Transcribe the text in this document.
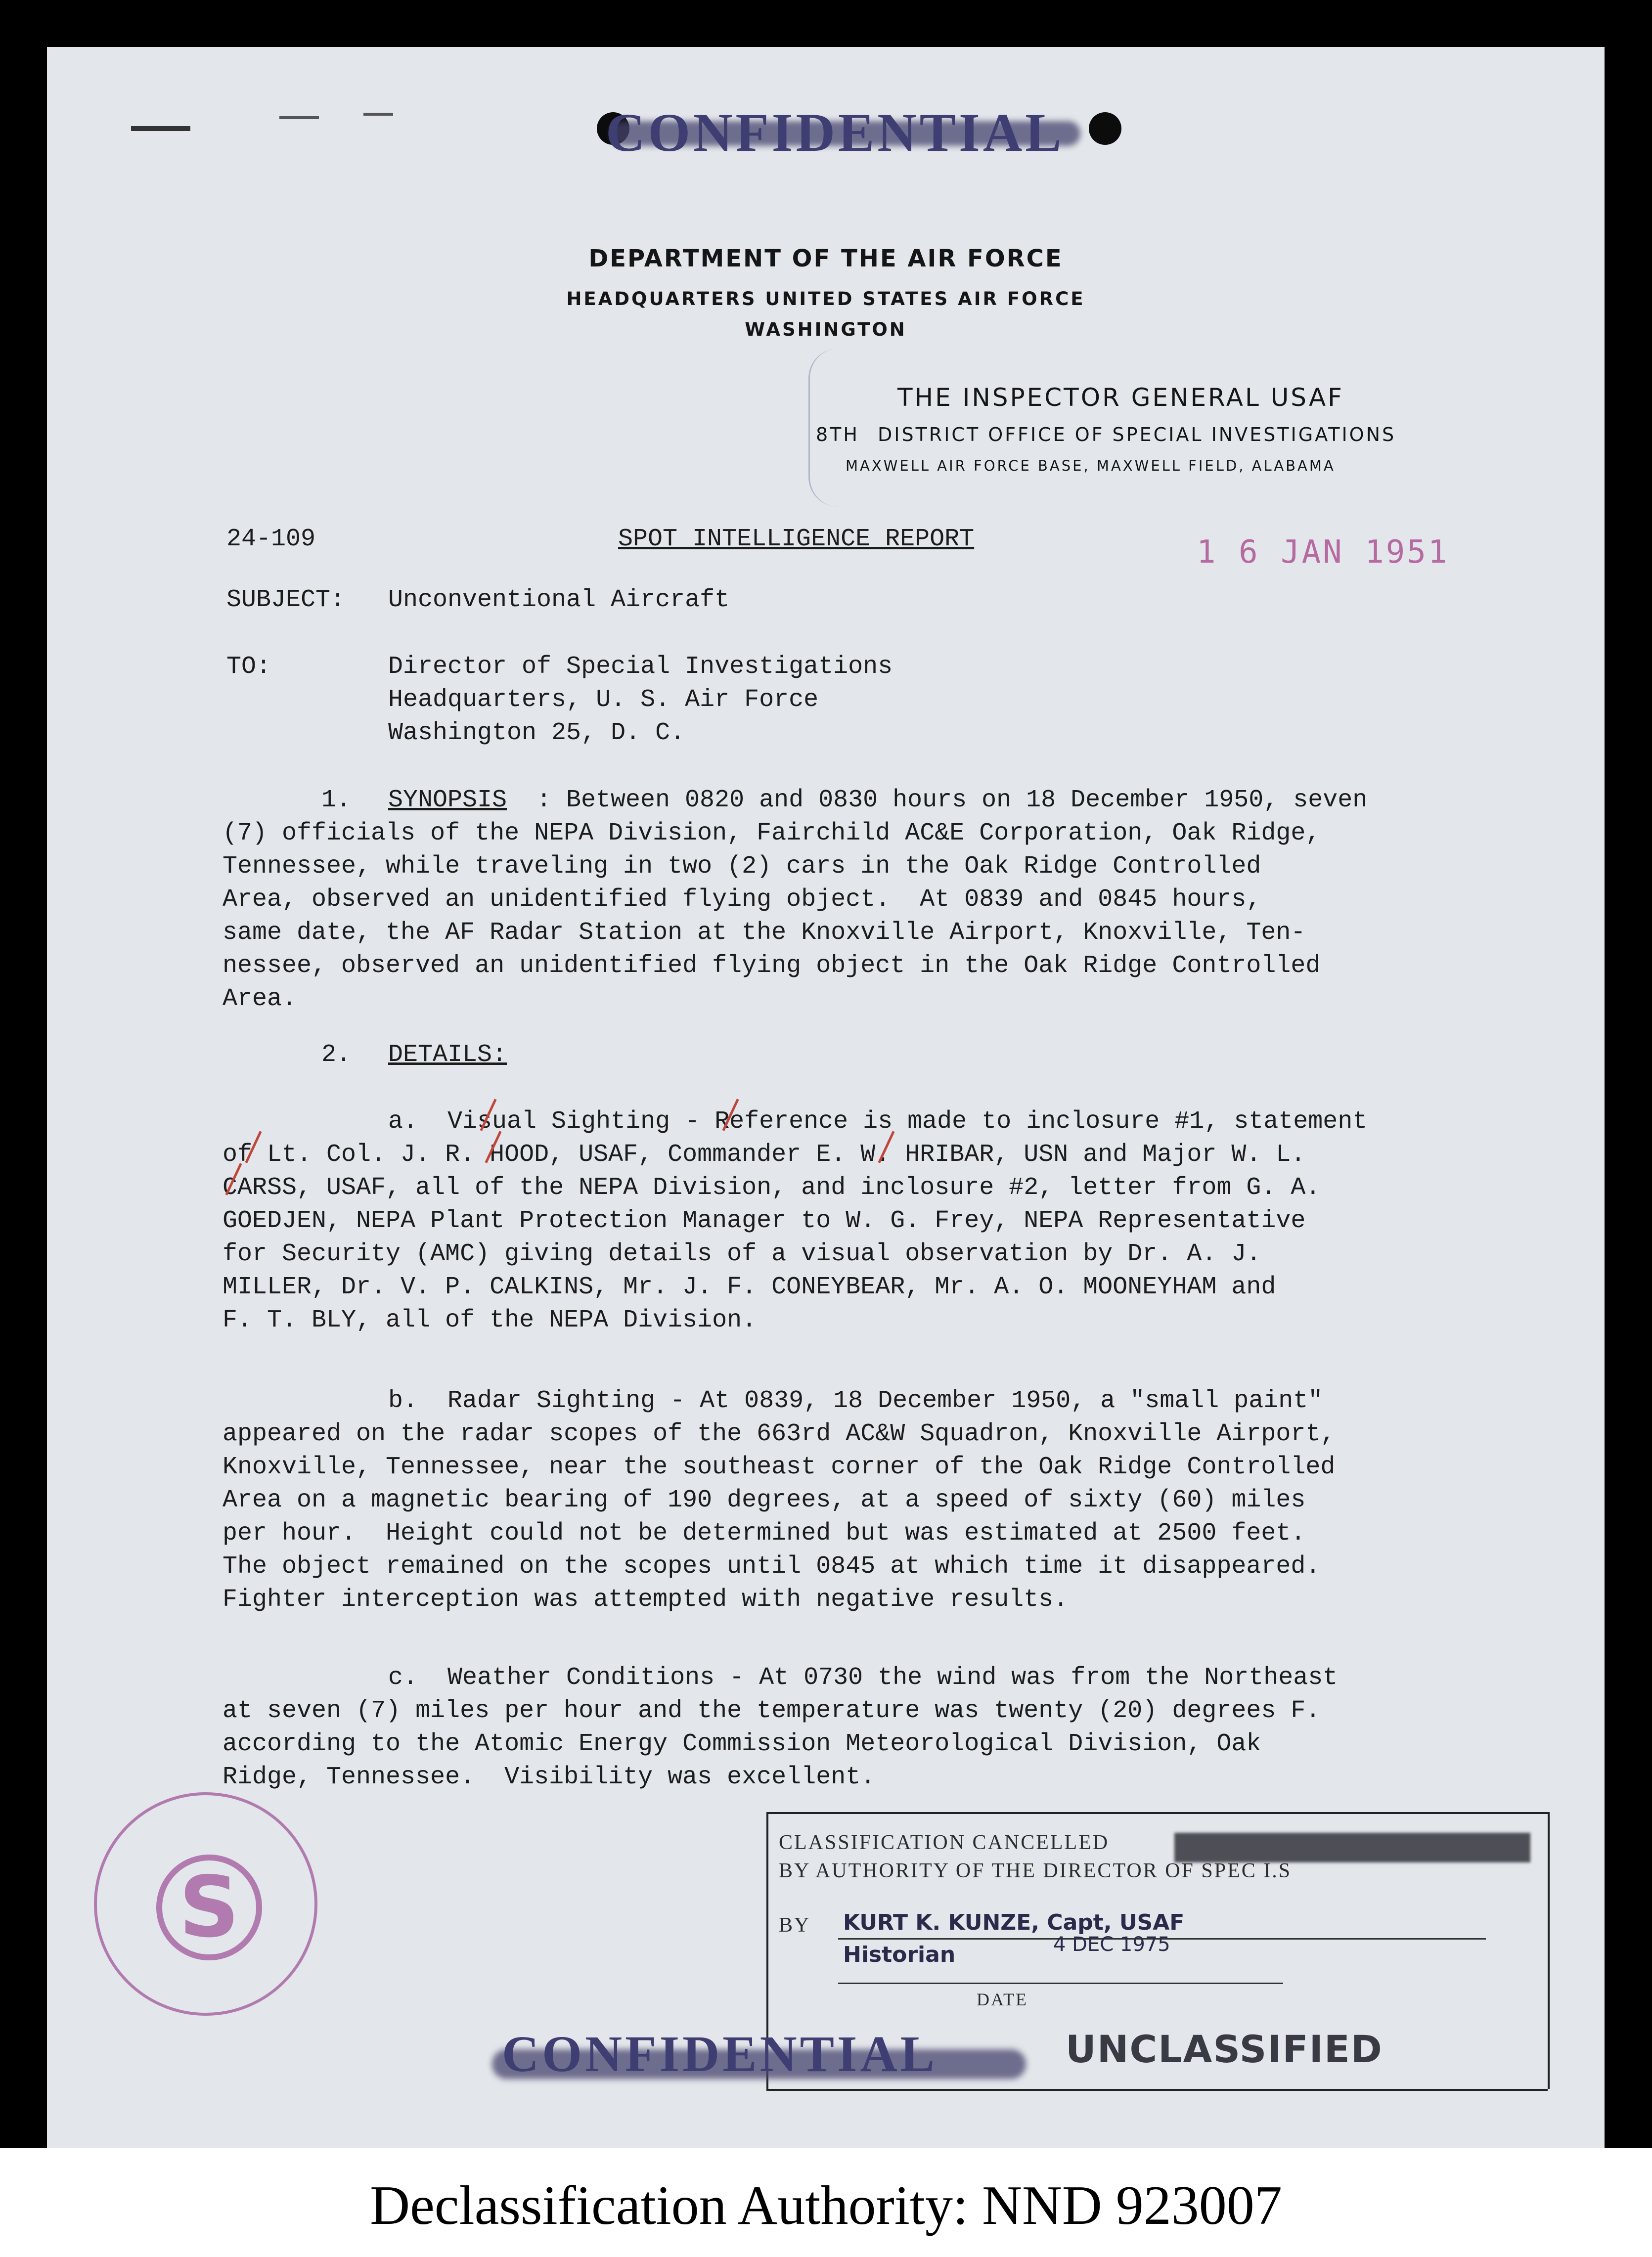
CONFIDENTIAL
DEPARTMENT OF THE AIR FORCE
HEADQUARTERS UNITED STATES AIR FORCE
WASHINGTON
THE INSPECTOR GENERAL USAF
8TH DISTRICT OFFICE OF SPECIAL INVESTIGATIONS
MAXWELL AIR FORCE BASE, MAXWELL FIELD, ALABAMA
24-109	SPOT INTELLIGENCE REPORT	1 6 JAN 1951
SUBJECT: Unconventional Aircraft
TO:	Director of Special Investigations
Headquarters, U. S. Air Force
Washington 25, D. C.
1. SYNOPSIS : Between 0820 and 0830 hours on 18 December 1950, seven
(7) officials of the NEPA Division, Fairchild AC&E Corporation, Oak Ridge,
Tennessee, while traveling in two (2) cars in the Oak Ridge Controlled
Area, observed an unidentified flying object.  At 0839 and 0845 hours,
same date, the AF Radar Station at the Knoxville Airport, Knoxville, Ten-
nessee, observed an unidentified flying object in the Oak Ridge Controlled
Area.
2. DETAILS:
a.  Visual Sighting - Reference is made to inclosure #1, statement
of Lt. Col. J. R. HOOD, USAF, Commander E. W. HRIBAR, USN and Major W. L.
CARSS, USAF, all of the NEPA Division, and inclosure #2, letter from G. A.
GOEDJEN, NEPA Plant Protection Manager to W. G. Frey, NEPA Representative
for Security (AMC) giving details of a visual observation by Dr. A. J.
MILLER, Dr. V. P. CALKINS, Mr. J. F. CONEYBEAR, Mr. A. O. MOONEYHAM and
F. T. BLY, all of the NEPA Division.
b.  Radar Sighting - At 0839, 18 December 1950, a "small paint"
appeared on the radar scopes of the 663rd AC&W Squadron, Knoxville Airport,
Knoxville, Tennessee, near the southeast corner of the Oak Ridge Controlled
Area on a magnetic bearing of 190 degrees, at a speed of sixty (60) miles
per hour.  Height could not be determined but was estimated at 2500 feet.
The object remained on the scopes until 0845 at which time it disappeared.
Fighter interception was attempted with negative results.
c.  Weather Conditions - At 0730 the wind was from the Northeast
at seven (7) miles per hour and the temperature was twenty (20) degrees F.
according to the Atomic Energy Commission Meteorological Division, Oak
Ridge, Tennessee.  Visibility was excellent.
S
CLASSIFICATION CANCELLED
BY AUTHORITY OF THE DIRECTOR OF SPEC I.S
BY KURT K. KUNZE, Capt, USAF
Historian	4 DEC 1975
DATE
CONFIDENTIAL	UNCLASSIFIED
Declassification Authority: NND 923007
